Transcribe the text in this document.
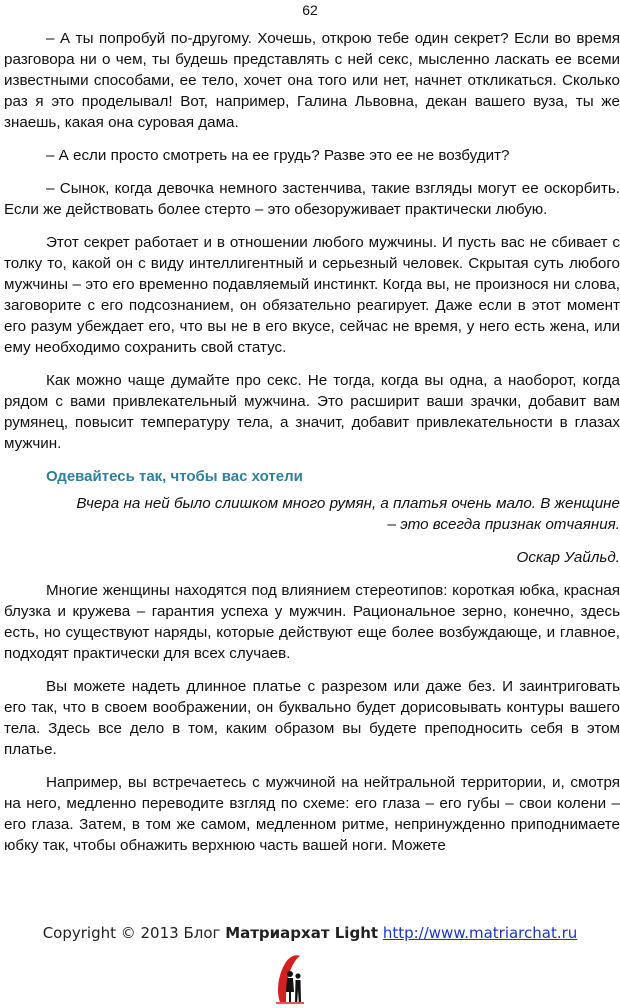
62

– А ты попробуй по-другому. Хочешь, открою тебе один секрет? Если во время разговора ни о чем, ты будешь представлять с ней секс, мысленно ласкать ее всеми известными способами, ее тело, хочет она того или нет, начнет откликаться. Сколько раз я это проделывал! Вот, например, Галина Львовна, декан вашего вуза, ты же знаешь, какая она суровая дама.

– А если просто смотреть на ее грудь? Разве это ее не возбудит?

– Сынок, когда девочка немного застенчива, такие взгляды могут ее оскорбить. Если же действовать более стерто – это обезоруживает практически любую.

Этот секрет работает и в отношении любого мужчины. И пусть вас не сбивает с толку то, какой он с виду интеллигентный и серьезный человек. Скрытая суть любого мужчины – это его временно подавляемый инстинкт. Когда вы, не произнося ни слова, заговорите с его подсознанием, он обязательно реагирует. Даже если в этот момент его разум убеждает его, что вы не в его вкусе, сейчас не время, у него есть жена, или ему необходимо сохранить свой статус.

Как можно чаще думайте про секс. Не тогда, когда вы одна, а наоборот, когда рядом с вами привлекательный мужчина. Это расширит ваши зрачки, добавит вам румянец, повысит температуру тела, а значит, добавит привлекательности в глазах мужчин.

Одевайтесь так, чтобы вас хотели
Вчера на ней было слишком много румян, а платья очень мало. В женщине
– это всегда признак отчаяния.
Оскар Уайльд.

Многие женщины находятся под влиянием стереотипов: короткая юбка, красная блузка и кружева – гарантия успеха у мужчин. Рациональное зерно, конечно, здесь есть, но существуют наряды, которые действуют еще более возбуждающе, и главное, подходят практически для всех случаев.

Вы можете надеть длинное платье с разрезом или даже без. И заинтриговать его так, что в своем воображении, он буквально будет дорисовывать контуры вашего тела. Здесь все дело в том, каким образом вы будете преподносить себя в этом платье.

Например, вы встречаетесь с мужчиной на нейтральной территории, и, смотря на него, медленно переводите взгляд по схеме: его глаза – его губы – свои колени – его глаза. Затем, в том же самом, медленном ритме, непринужденно приподнимаете юбку так, чтобы обнажить верхнюю часть вашей ноги. Можете

Copyright © 2013 Блог Матриархат Light http://www.matriarchat.ru
